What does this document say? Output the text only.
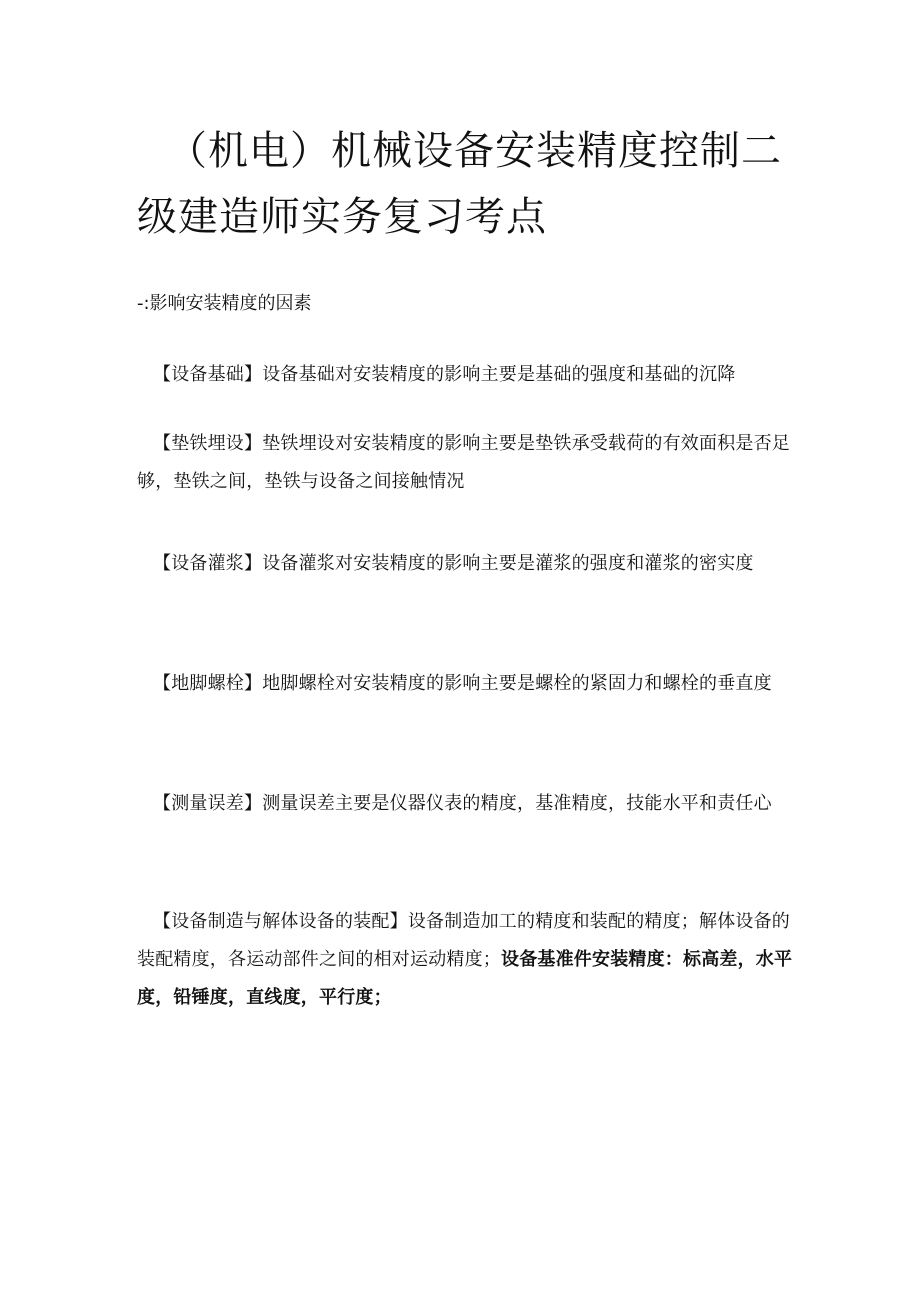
（机电）机械设备安装精度控制二级建造师实务复习考点

-:影响安装精度的因素

【设备基础】设备基础对安装精度的影响主要是基础的强度和基础的沉降

【垫铁埋设】垫铁埋设对安装精度的影响主要是垫铁承受载荷的有效面积是否足够，垫铁之间，垫铁与设备之间接触情况

【设备灌浆】设备灌浆对安装精度的影响主要是灌浆的强度和灌浆的密实度

【地脚螺栓】地脚螺栓对安装精度的影响主要是螺栓的紧固力和螺栓的垂直度

【测量误差】测量误差主要是仪器仪表的精度，基准精度，技能水平和责任心

【设备制造与解体设备的装配】设备制造加工的精度和装配的精度；解体设备的装配精度，各运动部件之间的相对运动精度；设备基准件安装精度：标高差，水平度，铅锤度，直线度，平行度；
